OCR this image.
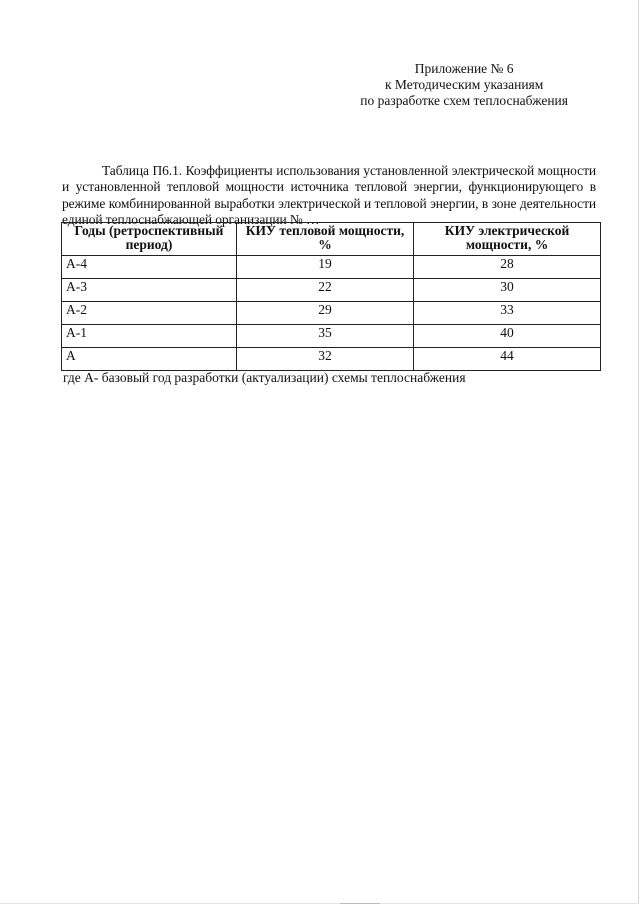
Приложение № 6
к Методическим указаниям
по разработке схем теплоснабжения
Таблица П6.1. Коэффициенты использования установленной электрической мощности и установленной тепловой мощности источника тепловой энергии, функционирующего в режиме комбинированной выработки электрической и тепловой энергии, в зоне деятельности единой теплоснабжающей организации № …
Годы (ретроспективный период)	КИУ тепловой мощности, %	КИУ электрической мощности, %
А-4	19	28
А-3	22	30
А-2	29	33
А-1	35	40
А	32	44
где А- базовый год разработки (актуализации) схемы теплоснабжения
